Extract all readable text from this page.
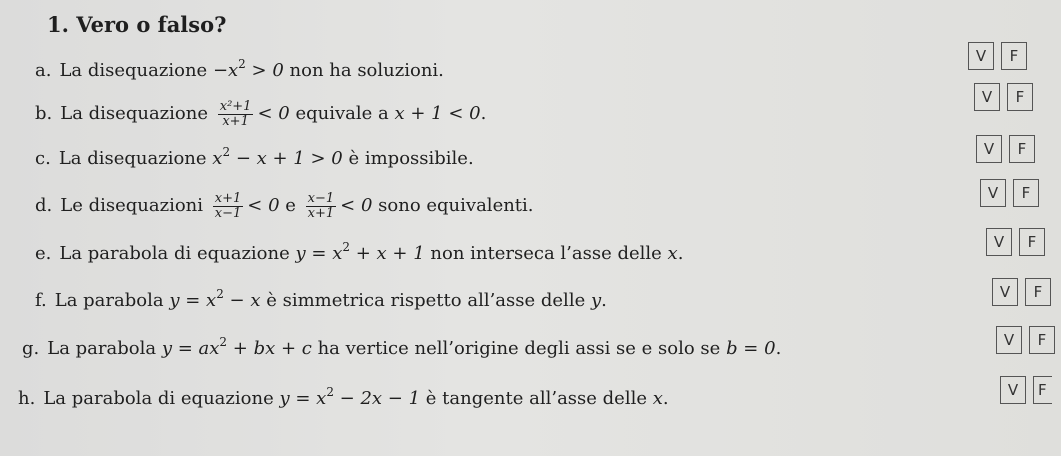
1. Vero o falso?
a. La disequazione $-x^2 > 0$ non ha soluzioni.
V	F
b. La disequazione $\frac{\text{x²+1}}{x+1} < 0$ equivale a x + 1 < 0.
V	F
c. La disequazione $x^2 - x + 1 > 0$ è impossibile.	V	F
d. Le disequazioni $\frac{x+1}{x-1} < 0$ e $\frac{x-1}{x+1} < 0$ sono equivalenti.
V	F
e. La parabola di equazione $y = x^2 + x + 1$ non interseca l’asse delle x.
V	F
f. La parabola $y = x^2 - x$ è simmetrica rispetto all’asse delle y.	V	F
g. La parabola $y = ax^2$ + bx + c ha vertice nell’origine degli assi se e solo se b = 0.	V	F
h. La parabola di equazione $y = x^2 - 2x - 1$ è tangente all’asse delle x.	V	F
